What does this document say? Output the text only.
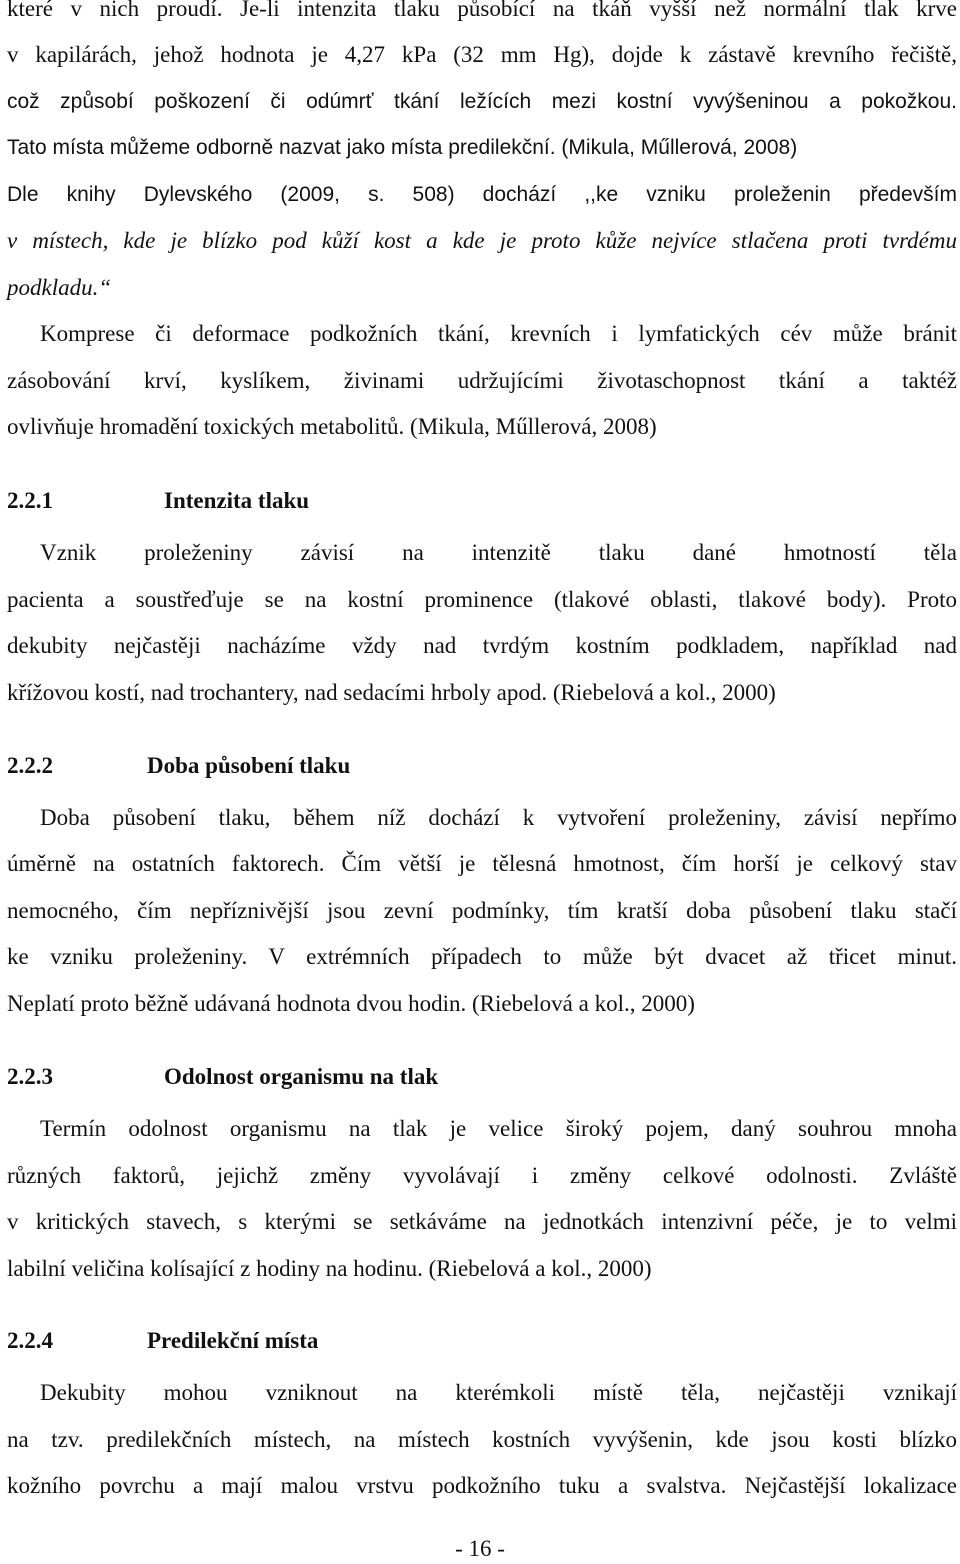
které v nich proudí. Je-li intenzita tlaku působící na tkáň vyšší než normální tlak krve
v kapilárách, jehož hodnota je 4,27 kPa (32 mm Hg), dojde k zástavě krevního řečiště,
což způsobí poškození či odúmrť tkání ležících mezi kostní vyvýšeninou a pokožkou.
Tato místa můžeme odborně nazvat jako místa predilekční. (Mikula, Műllerová, 2008)
Dle knihy Dylevského (2009, s. 508) dochází ,,ke vzniku proleženin především
v místech, kde je blízko pod kůží kost a kde je proto kůže nejvíce stlačena proti tvrdému
podkladu.“
Komprese či deformace podkožních tkání, krevních i lymfatických cév může bránit
zásobování krví, kyslíkem, živinami udržujícími životaschopnost tkání a taktéž
ovlivňuje hromadění toxických metabolitů. (Mikula, Műllerová, 2008)
2.2.1	Intenzita tlaku
Vznik proleženiny závisí na intenzitě tlaku dané hmotností těla
pacienta a soustřeďuje se na kostní prominence (tlakové oblasti, tlakové body). Proto
dekubity nejčastěji nacházíme vždy nad tvrdým kostním podkladem, například nad
křížovou kostí, nad trochantery, nad sedacími hrboly apod. (Riebelová a kol., 2000)
2.2.2	Doba působení tlaku
Doba působení tlaku, během níž dochází k vytvoření proleženiny, závisí nepřímo
úměrně na ostatních faktorech. Čím větší je tělesná hmotnost, čím horší je celkový stav
nemocného, čím nepříznivější jsou zevní podmínky, tím kratší doba působení tlaku stačí
ke vzniku proleženiny. V extrémních případech to může být dvacet až třicet minut.
Neplatí proto běžně udávaná hodnota dvou hodin. (Riebelová a kol., 2000)
2.2.3	Odolnost organismu na tlak
Termín odolnost organismu na tlak je velice široký pojem, daný souhrou mnoha
různých faktorů, jejichž změny vyvolávají i změny celkové odolnosti. Zvláště
v kritických stavech, s kterými se setkáváme na jednotkách intenzivní péče, je to velmi
labilní veličina kolísající z hodiny na hodinu. (Riebelová a kol., 2000)
2.2.4	Predilekční místa
Dekubity mohou vzniknout na kterémkoli místě těla, nejčastěji vznikají
na tzv. predilekčních místech, na místech kostních vyvýšenin, kde jsou kosti blízko
kožního povrchu a mají malou vrstvu podkožního tuku a svalstva. Nejčastější lokalizace
- 16 -
